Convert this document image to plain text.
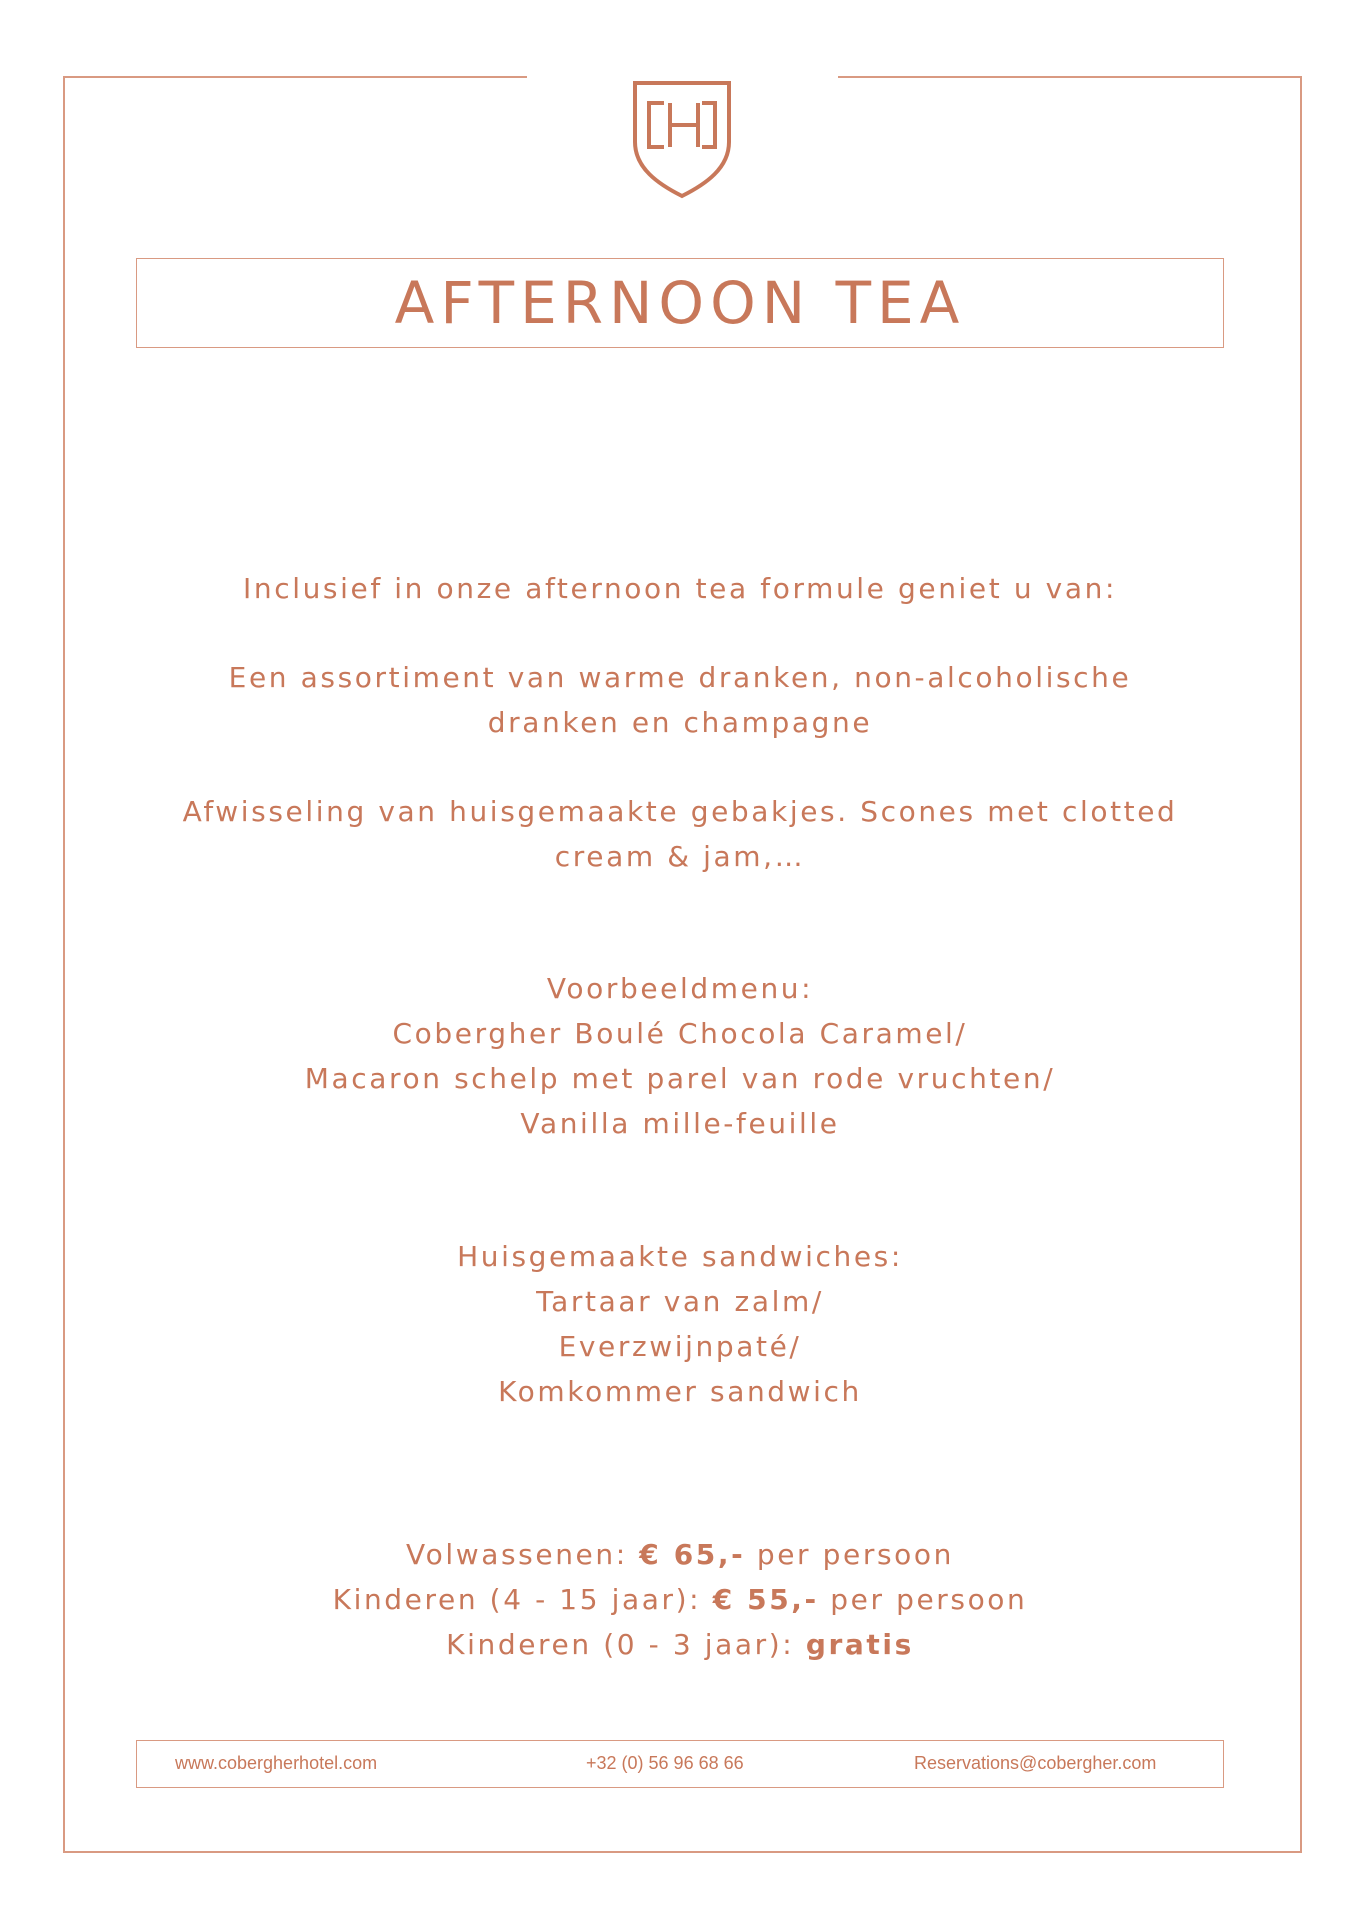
AFTERNOON TEA

Inclusief in onze afternoon tea formule geniet u van:

Een assortiment van warme dranken, non-alcoholische

dranken en champagne

Afwisseling van huisgemaakte gebakjes. Scones met clotted

cream & jam,…

Voorbeeldmenu:

Cobergher Boulé Chocola Caramel/

Macaron schelp met parel van rode vruchten/

Vanilla mille-feuille

Huisgemaakte sandwiches:

Tartaar van zalm/

Everzwijnpaté/

Komkommer sandwich

Volwassenen: € 65,- per persoon

Kinderen (4 - 15 jaar): € 55,- per persoon

Kinderen (0 - 3 jaar): gratis

www.cobergherhotel.com	+32 (0) 56 96 68 66	Reservations@cobergher.com
